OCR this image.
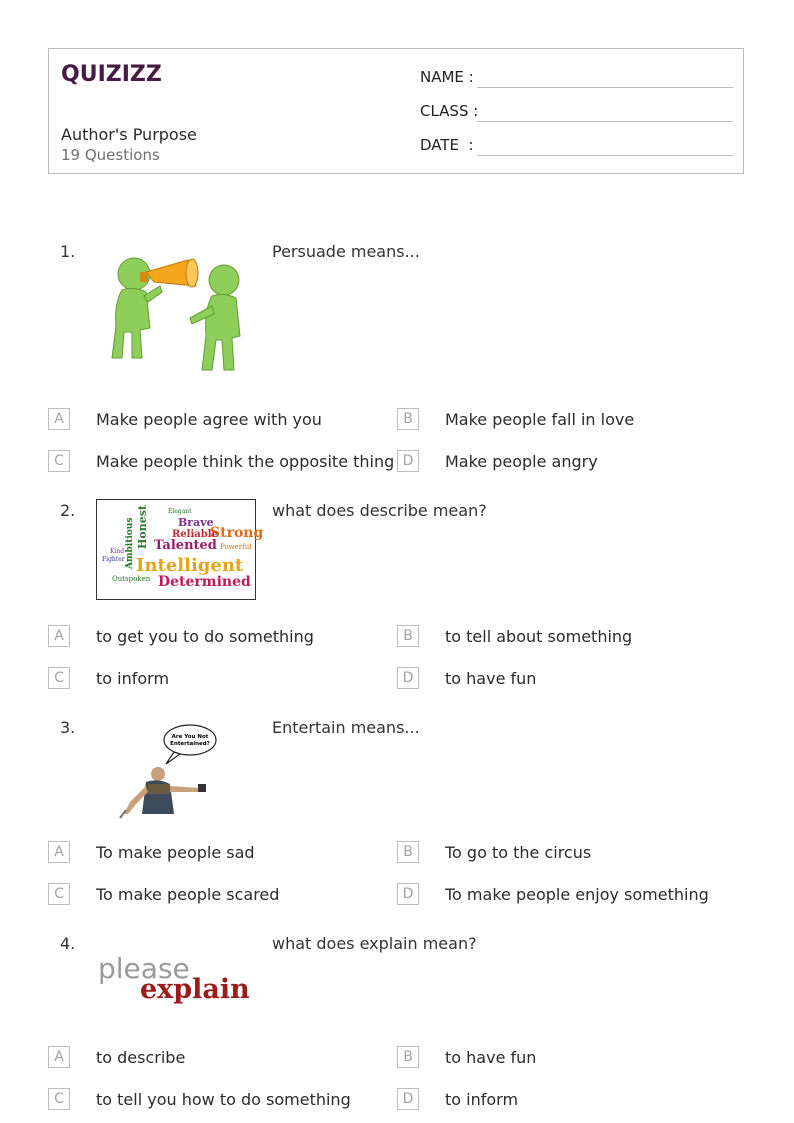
QUIZIZZ
Author's Purpose
19 Questions
NAME :
CLASS :
DATE  :
1.	Persuade means...
A	Make people agree with you	B	Make people fall in love
C	Make people think the opposite thing D	Make people angry
2.	Elegant
Brave
Strong
Reliable
Talented
Intelligent
Determined
Fighter
Outspoken
Powerful
Kind Ambitious Honest	what does describe mean?
A	to get you to do something	B	to tell about something
C	to inform	D	to have fun
3.	Are You Not
Entertained?
Entertain means...
A	To make people sad	B	To go to the circus
C	To make people scared	D	To make people enjoy something
4.
please
explain
what does explain mean?
A	to describe	B	to have fun
C	to tell you how to do something	D	to inform
